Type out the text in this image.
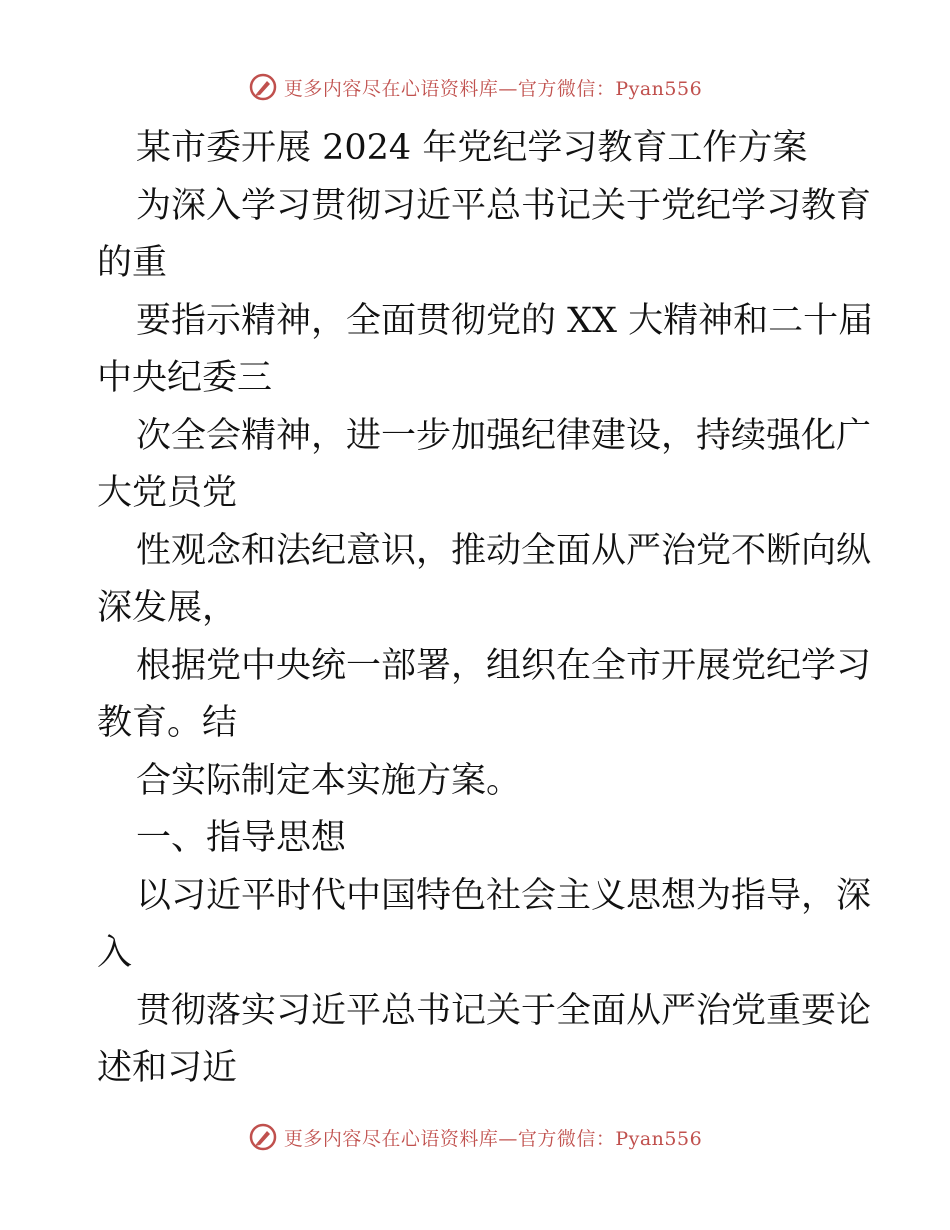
更多内容尽在心语资料库—官方微信：Pyan556
某市委开展 2024 年党纪学习教育工作方案
为深入学习贯彻习近平总书记关于党纪学习教育
的重
要指示精神，全面贯彻党的 XX 大精神和二十届
中央纪委三
次全会精神，进一步加强纪律建设，持续强化广
大党员党
性观念和法纪意识，推动全面从严治党不断向纵
深发展，
根据党中央统一部署，组织在全市开展党纪学习
教育。结
合实际制定本实施方案。
一、指导思想
以习近平时代中国特色社会主义思想为指导，深
入
贯彻落实习近平总书记关于全面从严治党重要论
述和习近
更多内容尽在心语资料库—官方微信：Pyan556
